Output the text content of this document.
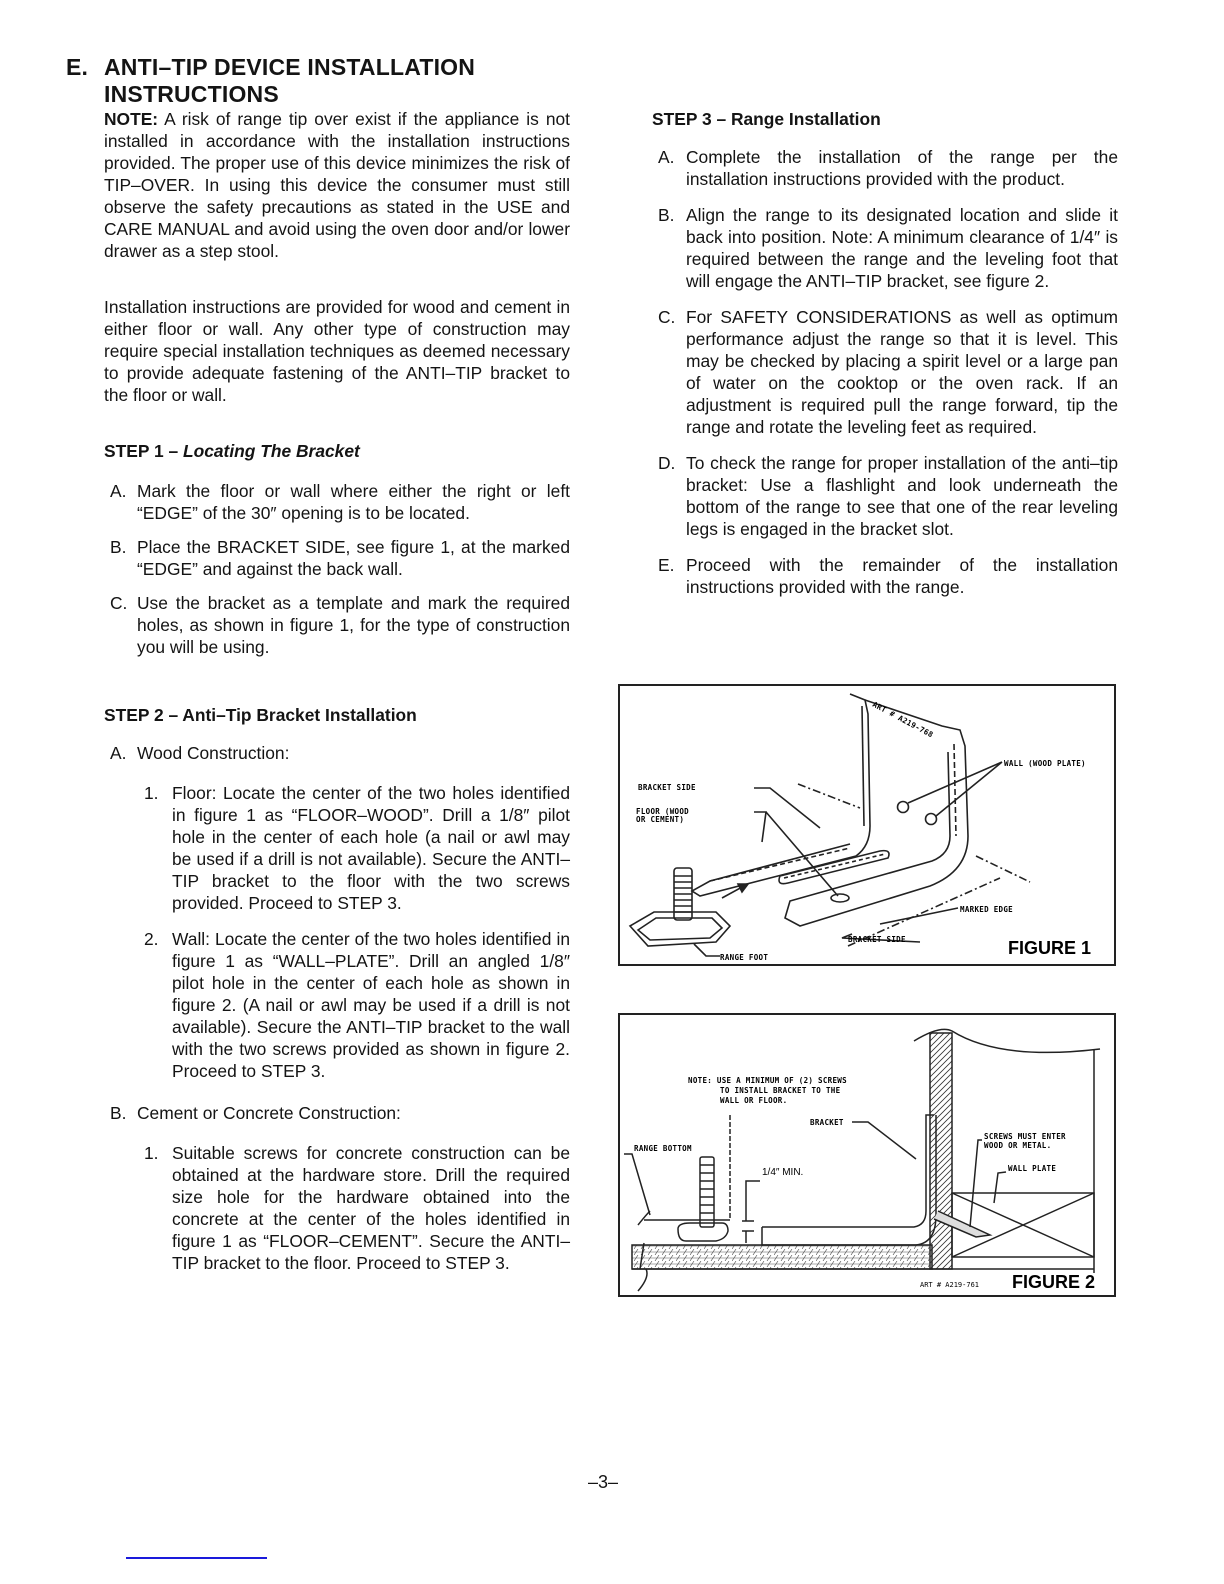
E. ANTI–TIP DEVICE INSTALLATION
INSTRUCTIONS
NOTE: A risk of range tip over exist if the appliance is not installed in accordance with the installation instructions provided. The proper use of this device minimizes the risk of TIP–OVER. In using this device the consumer must still observe the safety precautions as stated in the USE and CARE MANUAL and avoid using the oven door and/or lower drawer as a step stool.
Installation instructions are provided for wood and cement in either floor or wall. Any other type of construction may require special installation techniques as deemed necessary to provide adequate fastening of the ANTI–TIP bracket to the floor or wall.
STEP 1 – Locating The Bracket
A. Mark the floor or wall where either the right or left “EDGE” of the 30″ opening is to be located.
B. Place the BRACKET SIDE, see figure 1, at the marked “EDGE” and against the back wall.
C. Use the bracket as a template and mark the required holes, as shown in figure 1, for the type of construction you will be using.
STEP 2 – Anti–Tip Bracket Installation
A. Wood Construction:
1. Floor: Locate the center of the two holes identified in figure 1 as “FLOOR–WOOD”. Drill a 1/8″ pilot hole in the center of each hole (a nail or awl may be used if a drill is not available). Secure the ANTI–TIP bracket to the floor with the two screws provided. Proceed to STEP 3.
2. Wall: Locate the center of the two holes identified in figure 1 as “WALL–PLATE”. Drill an angled 1/8″ pilot hole in the center of each hole as shown in figure 2. (A nail or awl may be used if a drill is not available). Secure the ANTI–TIP bracket to the wall with the two screws provided as shown in figure 2. Proceed to STEP 3.
B. Cement or Concrete Construction:
1. Suitable screws for concrete construction can be obtained at the hardware store. Drill the required size hole for the hardware obtained into the concrete at the center of the holes identified in figure 1 as “FLOOR–CEMENT”. Secure the ANTI–TIP bracket to the floor. Proceed to STEP 3.
STEP 3 – Range Installation
A. Complete the installation of the range per the installation instructions provided with the product.
B. Align the range to its designated location and slide it back into position. Note: A minimum clearance of 1/4″ is required between the range and the leveling foot that will engage the ANTI–TIP bracket, see figure 2.
C. For SAFETY CONSIDERATIONS as well as optimum performance adjust the range so that it is level. This may be checked by placing a spirit level or a large pan of water on the cooktop or the oven rack. If an adjustment is required pull the range forward, tip the range and rotate the leveling feet as required.
D. To check the range for proper installation of the anti–tip bracket: Use a flashlight and look underneath the bottom of the range to see that one of the rear leveling legs is engaged in the bracket slot.
E. Proceed with the remainder of the installation instructions provided with the range.
ART # A219-768
BRACKET SIDE
FLOOR (WOOD
OR CEMENT)
WALL (WOOD PLATE)
MARKED EDGE
BRACKET SIDE
RANGE FOOT	FIGURE 1
NOTE: USE A MINIMUM OF (2) SCREWS
TO INSTALL BRACKET TO THE
WALL OR FLOOR.
BRACKET
RANGE BOTTOM
1/4″ MIN.
SCREWS MUST ENTER
WOOD OR METAL.
WALL PLATE
ART # A219-761 FIGURE 2
–3–
